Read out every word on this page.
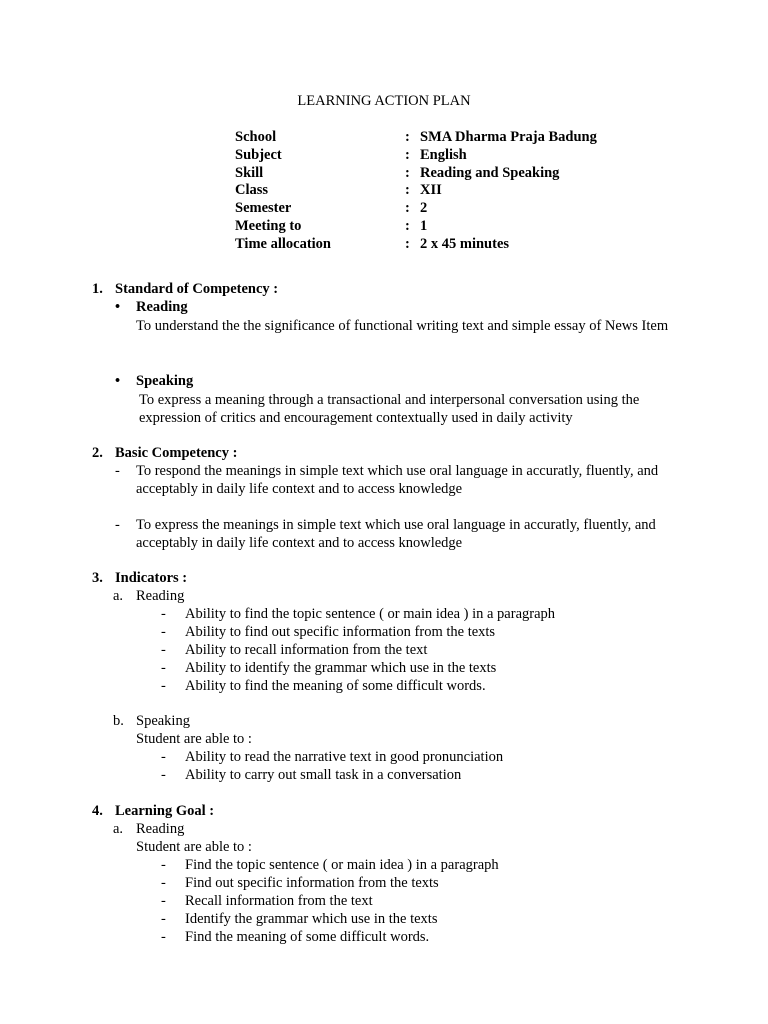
LEARNING ACTION PLAN
School	: SMA Dharma Praja Badung
Subject	: English
Skill	: Reading and Speaking
Class	: XII
Semester	: 2
Meeting to	: 1
Time allocation	: 2 x 45 minutes
1. Standard of Competency :
• Reading
To understand the the significance of functional writing text and simple essay of News Item
• Speaking
To express a meaning through a transactional and interpersonal conversation using the expression of critics and encouragement contextually used in daily activity
2. Basic Competency :
-	To respond the meanings in simple text which use oral language in accuratly, fluently, and acceptably in daily life context and to access knowledge
-	To express the meanings in simple text which use oral language in accuratly, fluently, and acceptably in daily life context and to access knowledge
3. Indicators :
a. Reading
- Ability to find the topic sentence ( or main idea ) in a paragraph
- Ability to find out specific information from the texts
- Ability to recall information from the text
- Ability to identify the grammar which use in the texts
- Ability to find the meaning of some difficult words.
b. Speaking
Student are able to :
- Ability to read the narrative text in good pronunciation
- Ability to carry out small task in a conversation
4. Learning Goal :
a. Reading
Student are able to :
- Find the topic sentence ( or main idea ) in a paragraph
- Find out specific information from the texts
- Recall information from the text
- Identify the grammar which use in the texts
- Find the meaning of some difficult words.
